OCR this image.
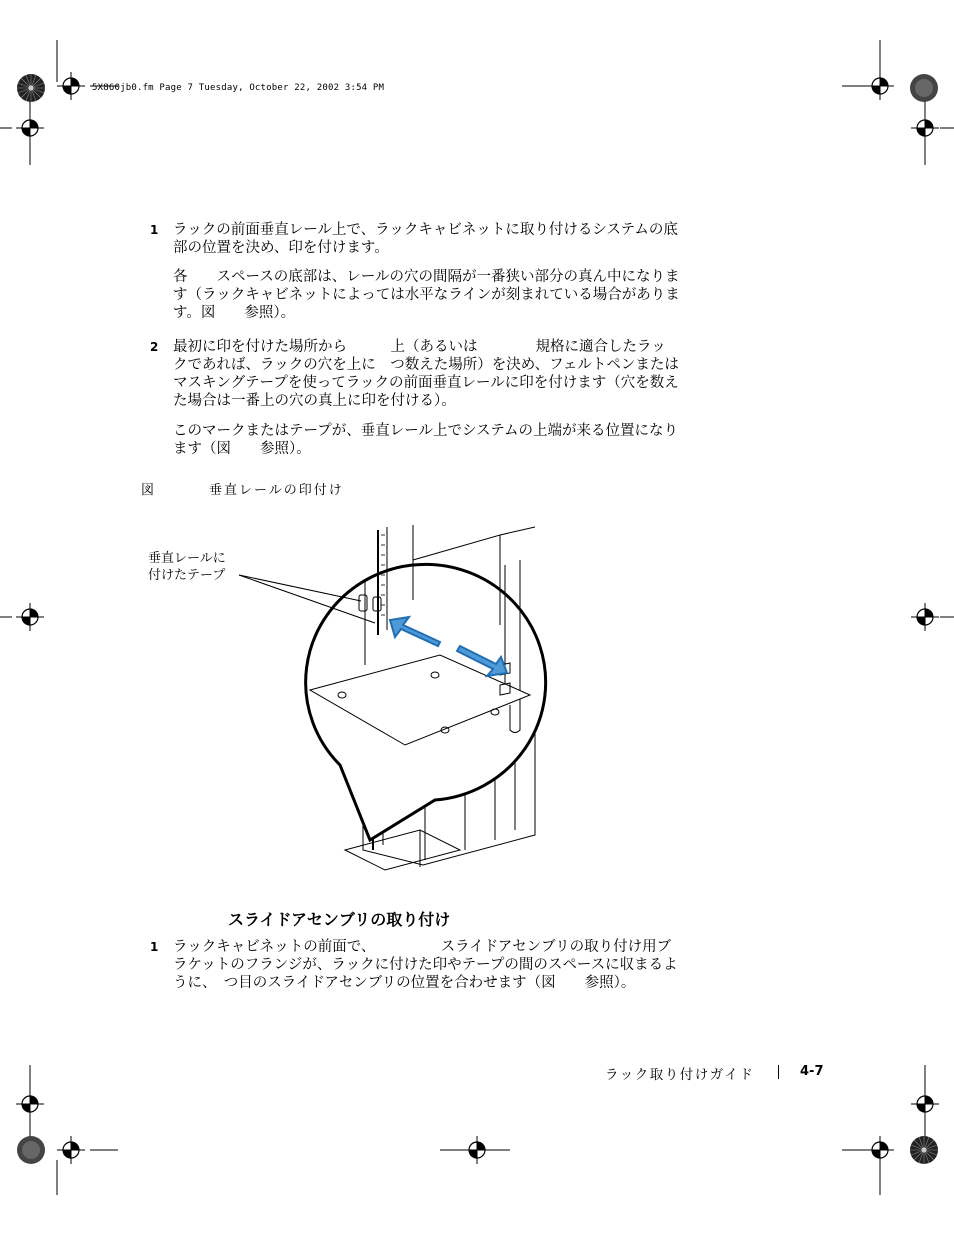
5X860jb0.fm Page 7 Tuesday, October 22, 2002 3:54 PM
1 ラックの前面垂直レール上で、ラックキャビネットに取り付けるシステムの底
部の位置を決め、印を付けます。
各　　スペースの底部は、レールの穴の間隔が一番狭い部分の真ん中になりま
す（ラックキャビネットによっては水平なラインが刻まれている場合がありま
す。図　　参照）。
2 最初に印を付けた場所から　　　上（あるいは　　　　規格に適合したラッ
クであれば、ラックの穴を上に　つ数えた場所）を決め、フェルトペンまたは
マスキングテープを使ってラックの前面垂直レールに印を付けます（穴を数え
た場合は一番上の穴の真上に印を付ける）。
このマークまたはテープが、垂直レール上でシステムの上端が来る位置になり
ます（図　　参照）。
図	垂直レールの印付け
垂直レールに
付けたテープ
スライドアセンブリの取り付け
1 ラックキャビネットの前面で、　　　　　スライドアセンブリの取り付け用ブ
ラケットのフランジが、ラックに付けた印やテープの間のスペースに収まるよ
うに、　つ目のスライドアセンブリの位置を合わせます（図　　参照）。
ラック取り付けガイド	4-7
